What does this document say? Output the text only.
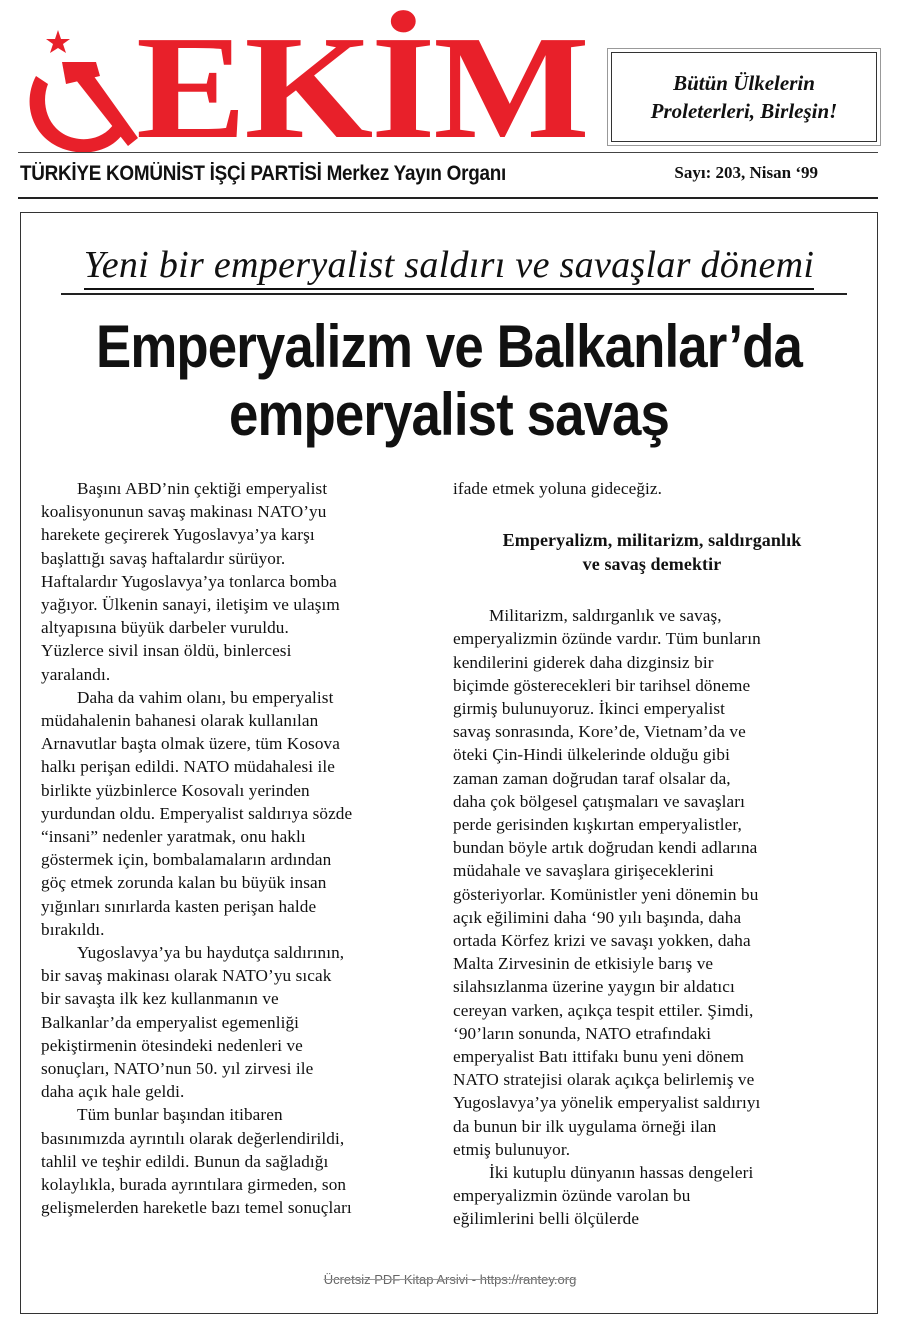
EKİM	Bütün Ülkelerin
Proleterleri, Birleşin!
TÜRKİYE KOMÜNİST İŞÇİ PARTİSİ Merkez Yayın Organı	Sayı: 203, Nisan ‘99
Yeni bir emperyalist saldırı ve savaşlar dönemi
Emperyalizm ve Balkanlar’da
emperyalist savaş

Başını ABD’nin çektiği emperyalist
koalisyonunun savaş makinası NATO’yu
harekete geçirerek Yugoslavya’ya karşı
başlattığı savaş haftalardır sürüyor.
Haftalardır Yugoslavya’ya tonlarca bomba
yağıyor. Ülkenin sanayi, iletişim ve ulaşım
altyapısına büyük darbeler vuruldu.
Yüzlerce sivil insan öldü, binlercesi
yaralandı.

Daha da vahim olanı, bu emperyalist
müdahalenin bahanesi olarak kullanılan
Arnavutlar başta olmak üzere, tüm Kosova
halkı perişan edildi. NATO müdahalesi ile
birlikte yüzbinlerce Kosovalı yerinden
yurdundan oldu. Emperyalist saldırıya sözde
“insani” nedenler yaratmak, onu haklı
göstermek için, bombalamaların ardından
göç etmek zorunda kalan bu büyük insan
yığınları sınırlarda kasten perişan halde
bırakıldı.

Yugoslavya’ya bu haydutça saldırının,
bir savaş makinası olarak NATO’yu sıcak
bir savaşta ilk kez kullanmanın ve
Balkanlar’da emperyalist egemenliği
pekiştirmenin ötesindeki nedenleri ve
sonuçları, NATO’nun 50. yıl zirvesi ile
daha açık hale geldi.

Tüm bunlar başından itibaren
basınımızda ayrıntılı olarak değerlendirildi,
tahlil ve teşhir edildi. Bunun da sağladığı
kolaylıkla, burada ayrıntılara girmeden, son
gelişmelerden hareketle bazı temel sonuçları

ifade etmek yoluna gideceğiz.

Emperyalizm, militarizm, saldırganlık
ve savaş demektir

Militarizm, saldırganlık ve savaş,
emperyalizmin özünde vardır. Tüm bunların
kendilerini giderek daha dizginsiz bir
biçimde gösterecekleri bir tarihsel döneme
girmiş bulunuyoruz. İkinci emperyalist
savaş sonrasında, Kore’de, Vietnam’da ve
öteki Çin-Hindi ülkelerinde olduğu gibi
zaman zaman doğrudan taraf olsalar da,
daha çok bölgesel çatışmaları ve savaşları
perde gerisinden kışkırtan emperyalistler,
bundan böyle artık doğrudan kendi adlarına
müdahale ve savaşlara girişeceklerini
gösteriyorlar. Komünistler yeni dönemin bu
açık eğilimini daha ‘90 yılı başında, daha
ortada Körfez krizi ve savaşı yokken, daha
Malta Zirvesinin de etkisiyle barış ve
silahsızlanma üzerine yaygın bir aldatıcı
cereyan varken, açıkça tespit ettiler. Şimdi,
‘90’ların sonunda, NATO etrafındaki
emperyalist Batı ittifakı bunu yeni dönem
NATO stratejisi olarak açıkça belirlemiş ve
Yugoslavya’ya yönelik emperyalist saldırıyı
da bunun bir ilk uygulama örneği ilan
etmiş bulunuyor.

İki kutuplu dünyanın hassas dengeleri
emperyalizmin özünde varolan bu
eğilimlerini belli ölçülerde

Ücretsiz PDF Kitap Arsivi - https://rantey.org
